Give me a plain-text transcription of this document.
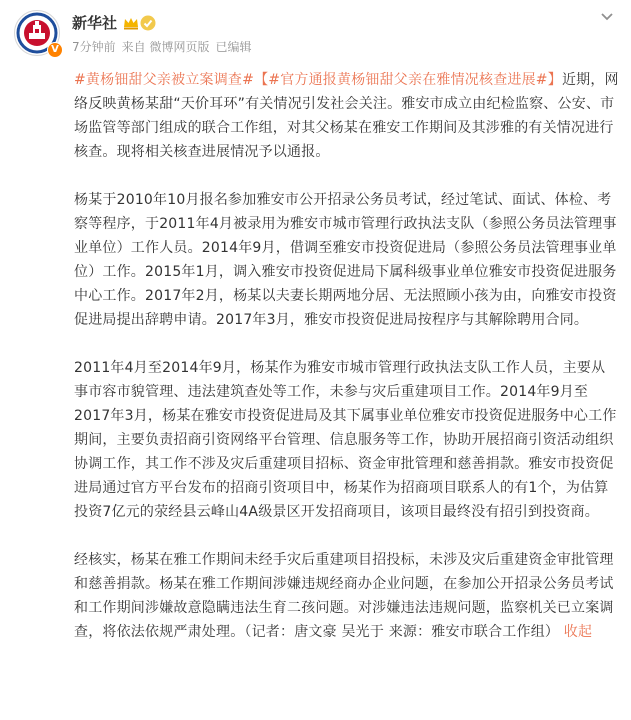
V
新华社
7分钟前 来自 微博网页版 已编辑

#黄杨钿甜父亲被立案调查#【#官方通报黄杨钿甜父亲在雅情况核查进展#】近期，网络反映黄杨某甜“天价耳环”有关情况引发社会关注。雅安市成立由纪检监察、公安、市场监管等部门组成的联合工作组，对其父杨某在雅安工作期间及其涉雅的有关情况进行核查。现将相关核查进展情况予以通报。

杨某于2010年10月报名参加雅安市公开招录公务员考试，经过笔试、面试、体检、考察等程序，于2011年4月被录用为雅安市城市管理行政执法支队（参照公务员法管理事业单位）工作人员。2014年9月，借调至雅安市投资促进局（参照公务员法管理事业单位）工作。2015年1月，调入雅安市投资促进局下属科级事业单位雅安市投资促进服务中心工作。2017年2月，杨某以夫妻长期两地分居、无法照顾小孩为由，向雅安市投资促进局提出辞聘申请。2017年3月，雅安市投资促进局按程序与其解除聘用合同。

2011年4月至2014年9月，杨某作为雅安市城市管理行政执法支队工作人员，主要从事市容市貌管理、违法建筑查处等工作，未参与灾后重建项目工作。2014年9月至2017年3月，杨某在雅安市投资促进局及其下属事业单位雅安市投资促进服务中心工作期间，主要负责招商引资网络平台管理、信息服务等工作，协助开展招商引资活动组织协调工作，其工作不涉及灾后重建项目招标、资金审批管理和慈善捐款。雅安市投资促进局通过官方平台发布的招商引资项目中，杨某作为招商项目联系人的有1个，为估算投资7亿元的荥经县云峰山4A级景区开发招商项目，该项目最终没有招引到投资商。

经核实，杨某在雅工作期间未经手灾后重建项目招投标，未涉及灾后重建资金审批管理和慈善捐款。杨某在雅工作期间涉嫌违规经商办企业问题，在参加公开招录公务员考试和工作期间涉嫌故意隐瞒违法生育二孩问题。对涉嫌违法违规问题，监察机关已立案调查，将依法依规严肃处理。（记者：唐文豪 吴光于 来源：雅安市联合工作组） 收起
